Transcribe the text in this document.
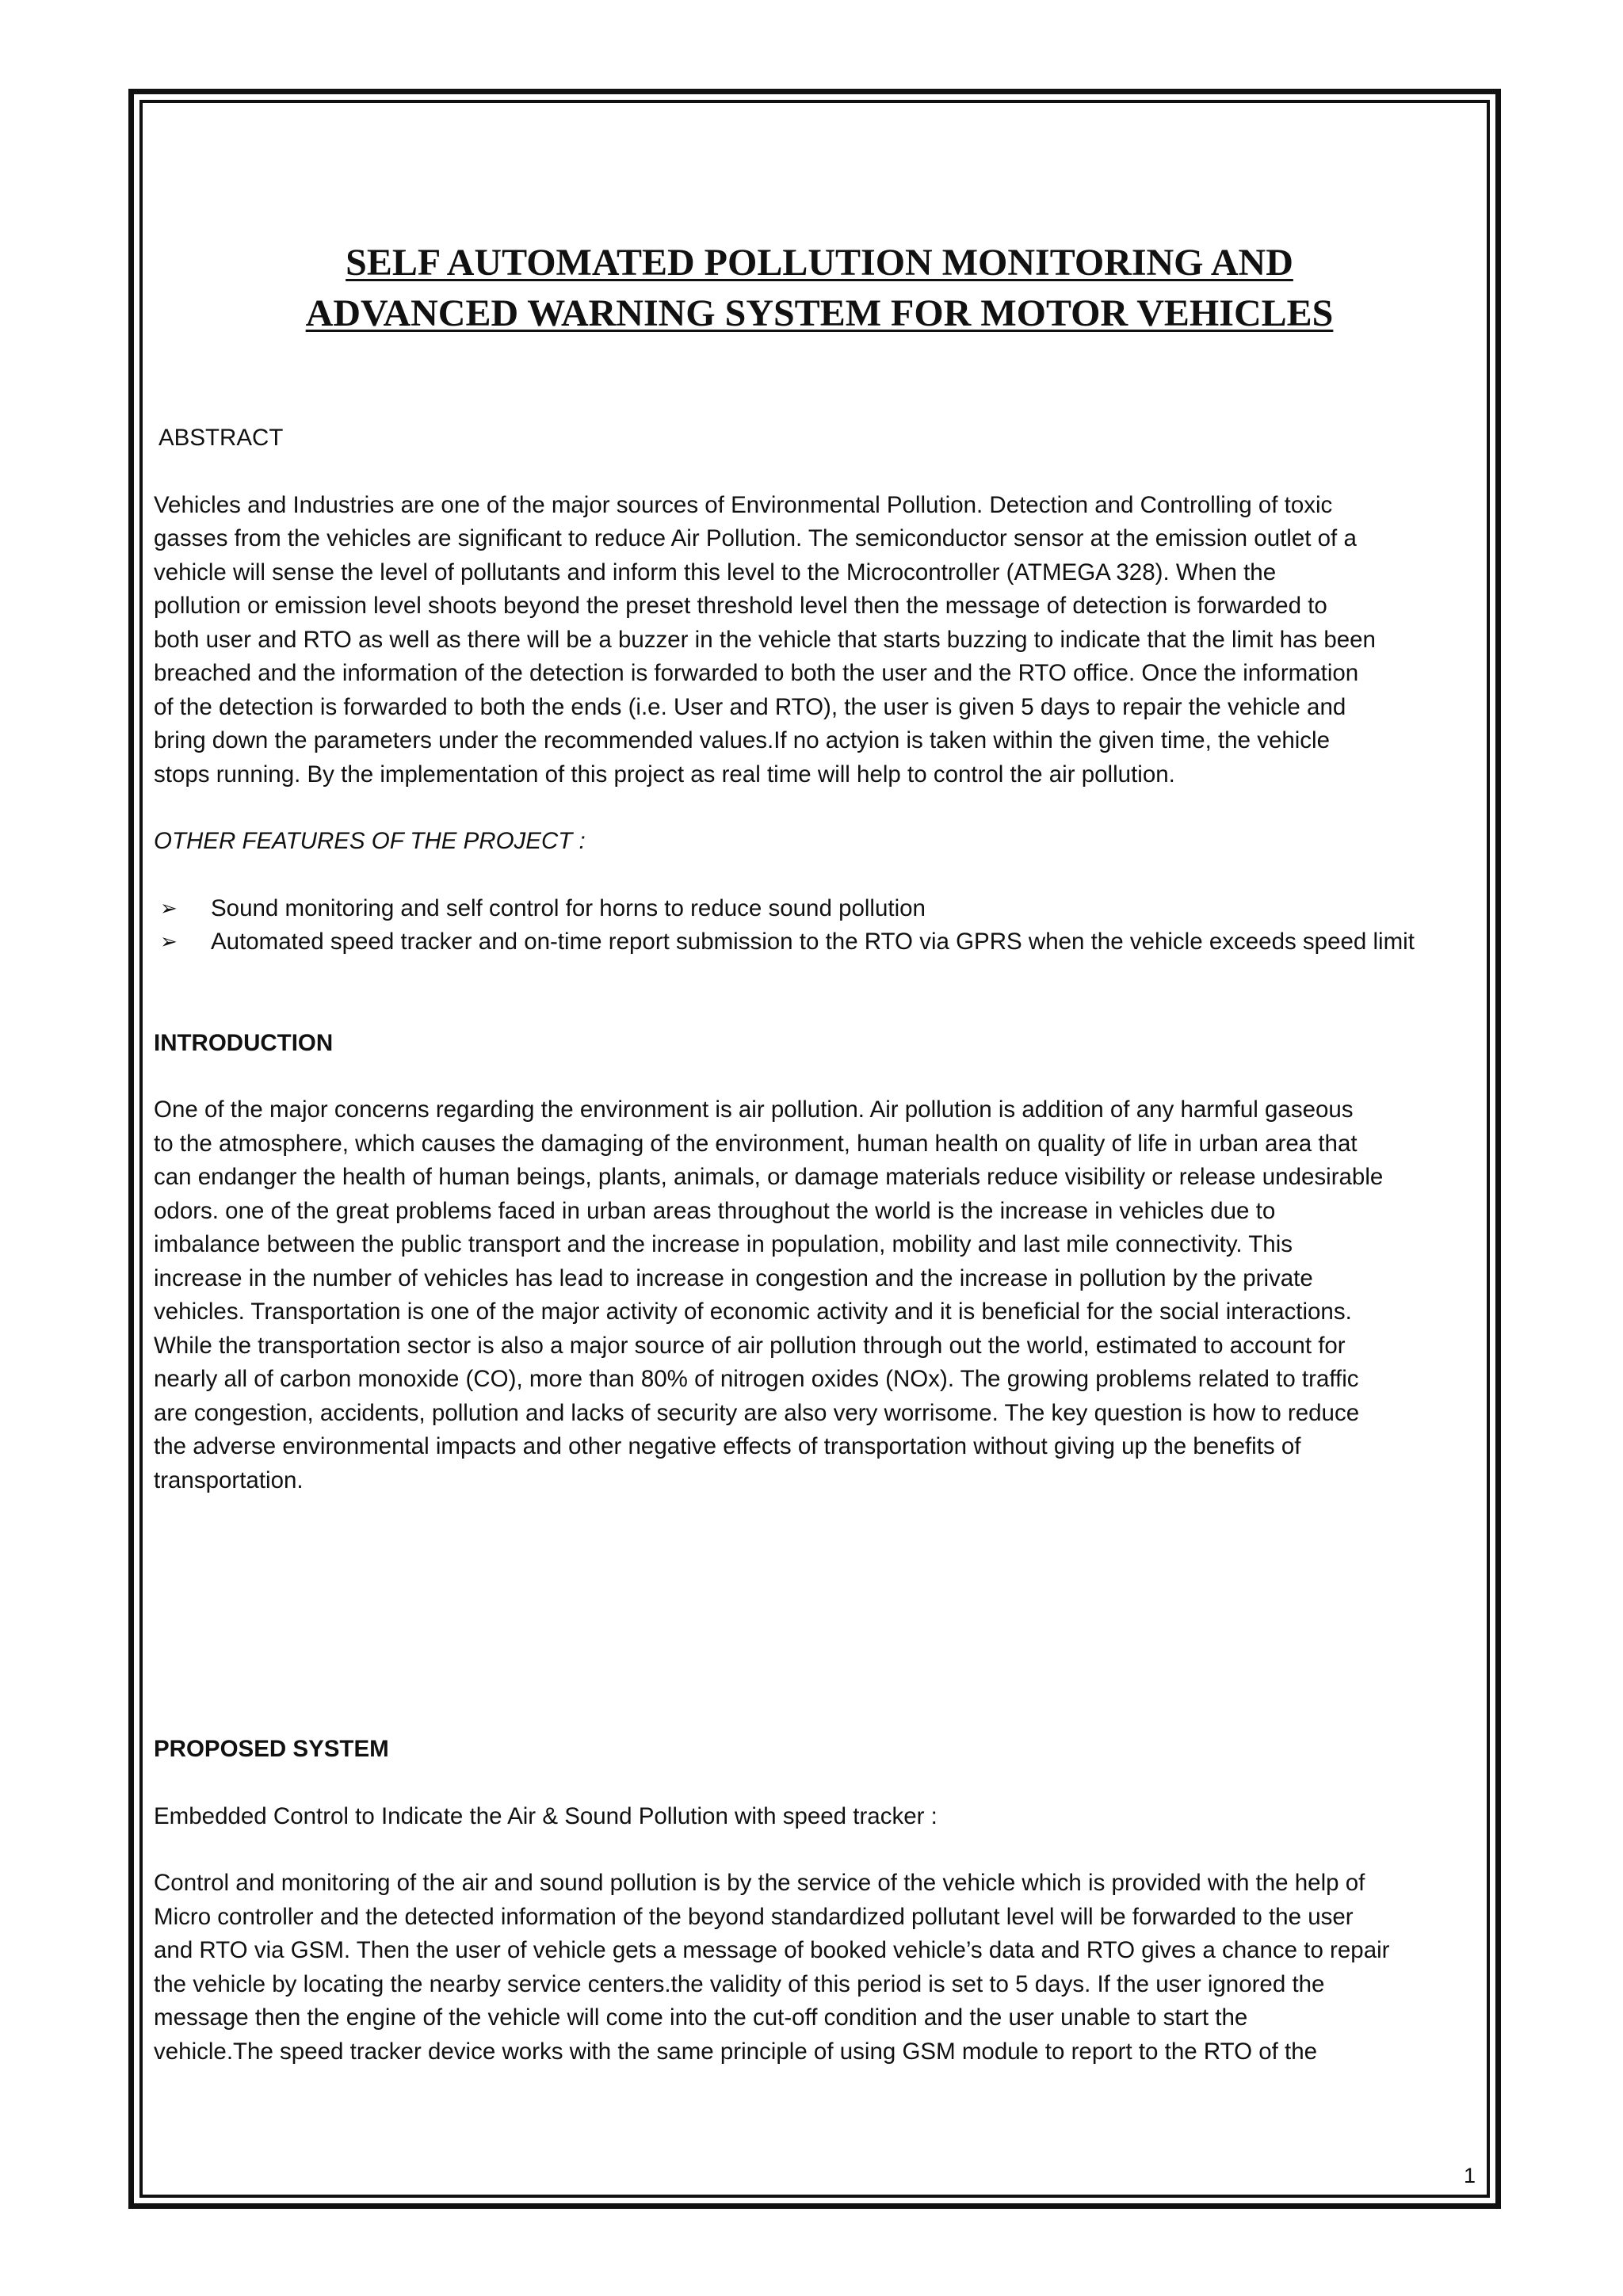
SELF AUTOMATED POLLUTION MONITORING AND

ADVANCED WARNING SYSTEM FOR MOTOR VEHICLES

ABSTRACT

Vehicles and Industries are one of the major sources of Environmental Pollution. Detection and Controlling of toxic

gasses from the vehicles are significant to reduce Air Pollution. The semiconductor sensor at the emission outlet of a

vehicle will sense the level of pollutants and inform this level to the Microcontroller (ATMEGA 328). When the

pollution or emission level shoots beyond the preset threshold level then the message of detection is forwarded to

both user and RTO as well as there will be a buzzer in the vehicle that starts buzzing to indicate that the limit has been

breached and the information of the detection is forwarded to both the user and the RTO office. Once the information

of the detection is forwarded to both the ends (i.e. User and RTO), the user is given 5 days to repair the vehicle and

bring down the parameters under the recommended values.If no actyion is taken within the given time, the vehicle

stops running. By the implementation of this project as real time will help to control the air pollution.

OTHER FEATURES OF THE PROJECT :

➢ Sound monitoring and self control for horns to reduce sound pollution
➢ Automated speed tracker and on-time report submission to the RTO via GPRS when the vehicle exceeds speed limit

INTRODUCTION

One of the major concerns regarding the environment is air pollution. Air pollution is addition of any harmful gaseous

to the atmosphere, which causes the damaging of the environment, human health on quality of life in urban area that

can endanger the health of human beings, plants, animals, or damage materials reduce visibility or release undesirable

odors. one of the great problems faced in urban areas throughout the world is the increase in vehicles due to

imbalance between the public transport and the increase in population, mobility and last mile connectivity. This

increase in the number of vehicles has lead to increase in congestion and the increase in pollution by the private

vehicles. Transportation is one of the major activity of economic activity and it is beneficial for the social interactions.

While the transportation sector is also a major source of air pollution through out the world, estimated to account for

nearly all of carbon monoxide (CO), more than 80% of nitrogen oxides (NOx). The growing problems related to traffic

are congestion, accidents, pollution and lacks of security are also very worrisome. The key question is how to reduce

the adverse environmental impacts and other negative effects of transportation without giving up the benefits of

transportation.

PROPOSED SYSTEM

Embedded Control to Indicate the Air & Sound Pollution with speed tracker :

Control and monitoring of the air and sound pollution is by the service of the vehicle which is provided with the help of

Micro controller and the detected information of the beyond standardized pollutant level will be forwarded to the user

and RTO via GSM. Then the user of vehicle gets a message of booked vehicle’s data and RTO gives a chance to repair

the vehicle by locating the nearby service centers.the validity of this period is set to 5 days. If the user ignored the

message then the engine of the vehicle will come into the cut-off condition and the user unable to start the

vehicle.The speed tracker device works with the same principle of using GSM module to report to the RTO of the

1
